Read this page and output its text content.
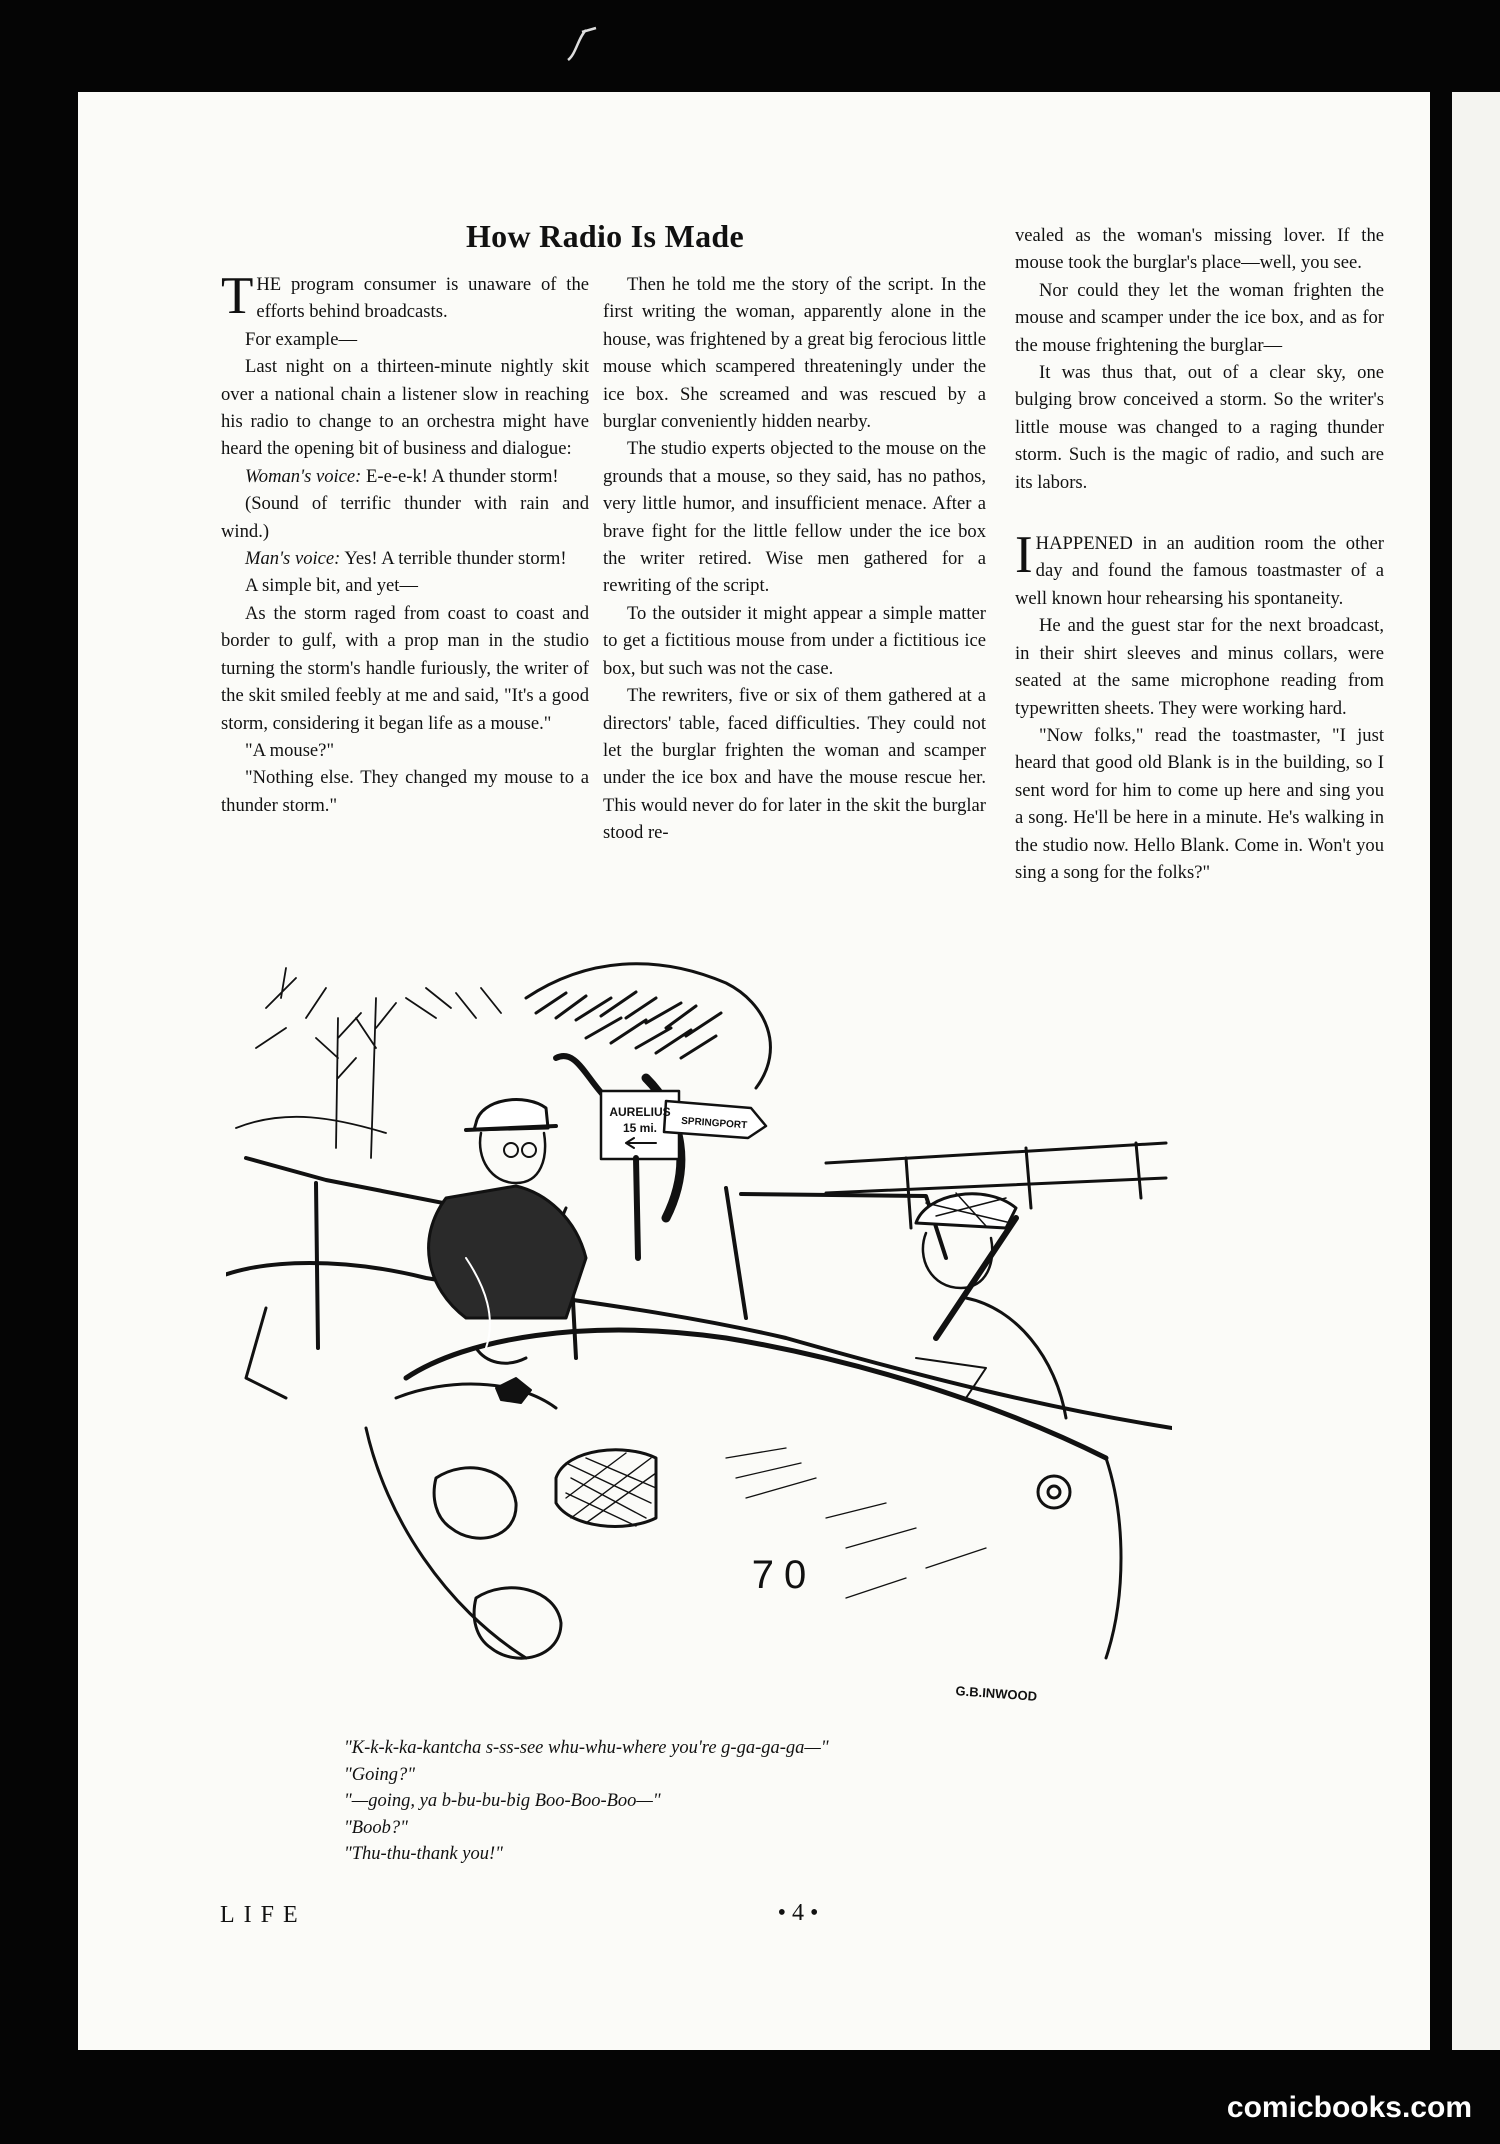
How Radio Is Made

THE program consumer is unaware of the efforts behind broadcasts.

For example—

Last night on a thirteen-minute nightly skit over a national chain a listener slow in reaching his radio to change to an orchestra might have heard the opening bit of business and dialogue:

Woman's voice: E-e-e-k! A thunder storm!

(Sound of terrific thunder with rain and wind.)

Man's voice: Yes! A terrible thunder storm!

A simple bit, and yet—

As the storm raged from coast to coast and border to gulf, with a prop man in the studio turning the storm's handle furiously, the writer of the skit smiled feebly at me and said, "It's a good storm, considering it began life as a mouse."

"A mouse?"

"Nothing else. They changed my mouse to a thunder storm."

Then he told me the story of the script. In the first writing the woman, apparently alone in the house, was frightened by a great big ferocious little mouse which scampered threateningly under the ice box. She screamed and was rescued by a burglar conveniently hidden nearby.

The studio experts objected to the mouse on the grounds that a mouse, so they said, has no pathos, very little humor, and insufficient menace. After a brave fight for the little fellow under the ice box the writer retired. Wise men gathered for a rewriting of the script.

To the outsider it might appear a simple matter to get a fictitious mouse from under a fictitious ice box, but such was not the case.

The rewriters, five or six of them gathered at a directors' table, faced difficulties. They could not let the burglar frighten the woman and scamper under the ice box and have the mouse rescue her. This would never do for later in the skit the burglar stood re-

vealed as the woman's missing lover. If the mouse took the burglar's place—well, you see.

Nor could they let the woman frighten the mouse and scamper under the ice box, and as for the mouse frightening the burglar—

It was thus that, out of a clear sky, one bulging brow conceived a storm. So the writer's little mouse was changed to a raging thunder storm. Such is the magic of radio, and such are its labors.

IHAPPENED in an audition room the other day and found the famous toastmaster of a well known hour rehearsing his spontaneity.

He and the guest star for the next broadcast, in their shirt sleeves and minus collars, were seated at the same microphone reading from typewritten sheets. They were working hard.

"Now folks," read the toastmaster, "I just heard that good old Blank is in the building, so I sent word for him to come up here and sing you a song. He'll be here in a minute. He's walking in the studio now. Hello Blank. Come in. Won't you sing a song for the folks?"

AURELIUS
15 mi. SPRINGPORT
70
G.B.INWOOD
"K-k-k-ka-kantcha s-ss-see whu-whu-where you're g-ga-ga-ga—"
"Going?"
"—going, ya b-bu-bu-big Boo-Boo-Boo—"
"Boob?"
"Thu-thu-thank you!"
LIFE	• 4 •
comicbooks.com
